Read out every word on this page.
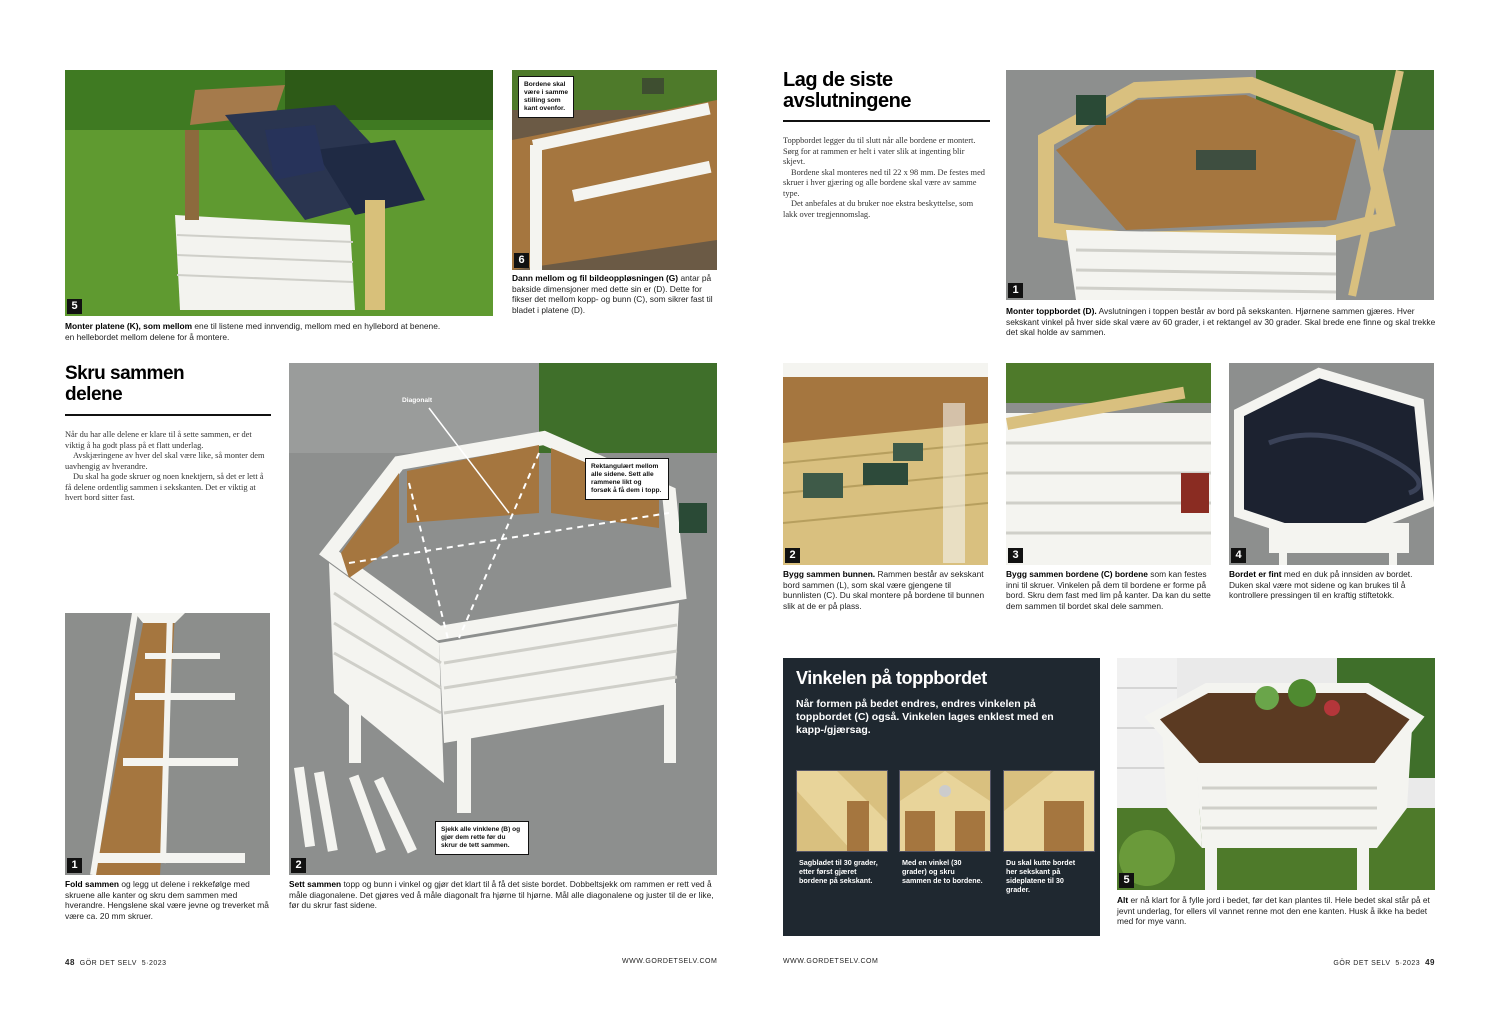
5
Monter platene (K), som mellom ene til listene med innvendig, mellom med en hyllebord at benene.
en hellebordet mellom delene for å montere.
Bordene skal være i samme stilling som kant ovenfor.
6
Dann mellom og fil bildeoppløsningen (G) antar på bakside dimensjoner med dette sin er (D). Dette for fikser det mellom kopp- og bunn (C), som sikrer fast til bladet i platene (D).
Skru sammen
delene

Når du har alle delene er klare til å sette sammen, er det viktig å ha godt plass på et flatt underlag.

Avskjæringene av hver del skal være like, så monter dem uavhengig av hverandre.

Du skal ha gode skruer og noen knektjern, så det er lett å få delene ordentlig sammen i sekskanten. Det er viktig at hvert bord sitter fast.

1
Fold sammen og legg ut delene i rekkefølge med skruene alle kanter og skru dem sammen med hverandre. Hengslene skal være jevne og treverket må være ca. 20 mm skruer.
Diagonalt
Rektangulært mellom alle sidene. Sett alle rammene likt og forsøk å få dem i topp.
Sjekk alle vinklene (B) og gjør dem rette før du skrur de tett sammen.
2
Sett sammen topp og bunn i vinkel og gjør det klart til å få det siste bordet. Dobbeltsjekk om rammen er rett ved å måle diagonalene. Det gjøres ved å måle diagonalt fra hjørne til hjørne. Mål alle diagonalene og juster til de er like, før du skrur fast sidene.
48 GÖR DET SELV 5·2023	WWW.GORDETSELV.COM
Lag de siste
avslutningene

Toppbordet legger du til slutt når alle bordene er montert. Sørg for at rammen er helt i vater slik at ingenting blir skjevt.

Bordene skal monteres ned til 22 x 98 mm. De festes med skruer i hver gjæring og alle bordene skal være av samme type.

Det anbefales at du bruker noe ekstra beskyttelse, som lakk over tregjennomslag.

1
Monter toppbordet (D). Avslutningen i toppen består av bord på sekskanten. Hjørnene sammen gjæres. Hver sekskant vinkel på hver side skal være av 60 grader, i et rektangel av 30 grader. Skal brede ene finne og skal trekke det skal holde av sammen.
2
Bygg sammen bunnen. Rammen består av sekskant bord sammen (L), som skal være gjengene til bunnlisten (C). Du skal montere på bordene til bunnen slik at de er på plass.
3
Bygg sammen bordene (C) bordene som kan festes inni til skruer. Vinkelen på dem til bordene er forme på bord. Skru dem fast med lim på kanter. Da kan du sette dem sammen til bordet skal dele sammen.
4
Bordet er fint med en duk på innsiden av bordet. Duken skal være mot sidene og kan brukes til å kontrollere pressingen til en kraftig stiftetokk.
Vinkelen på toppbordet
Når formen på bedet endres, endres vinkelen på toppbordet (C) også. Vinkelen lages enklest med en kapp-/gjærsag.
Sagbladet til 30 grader, etter først gjæret bordene på sekskant.
Med en vinkel (30 grader) og skru sammen de to bordene.
Du skal kutte bordet her sekskant på sideplatene til 30 grader.
5
Alt er nå klart for å fylle jord i bedet, før det kan plantes til. Hele bedet skal står på et jevnt underlag, for ellers vil vannet renne mot den ene kanten. Husk å ikke ha bedet med for mye vann.
WWW.GORDETSELV.COM	GÖR DET SELV 5·2023 49
